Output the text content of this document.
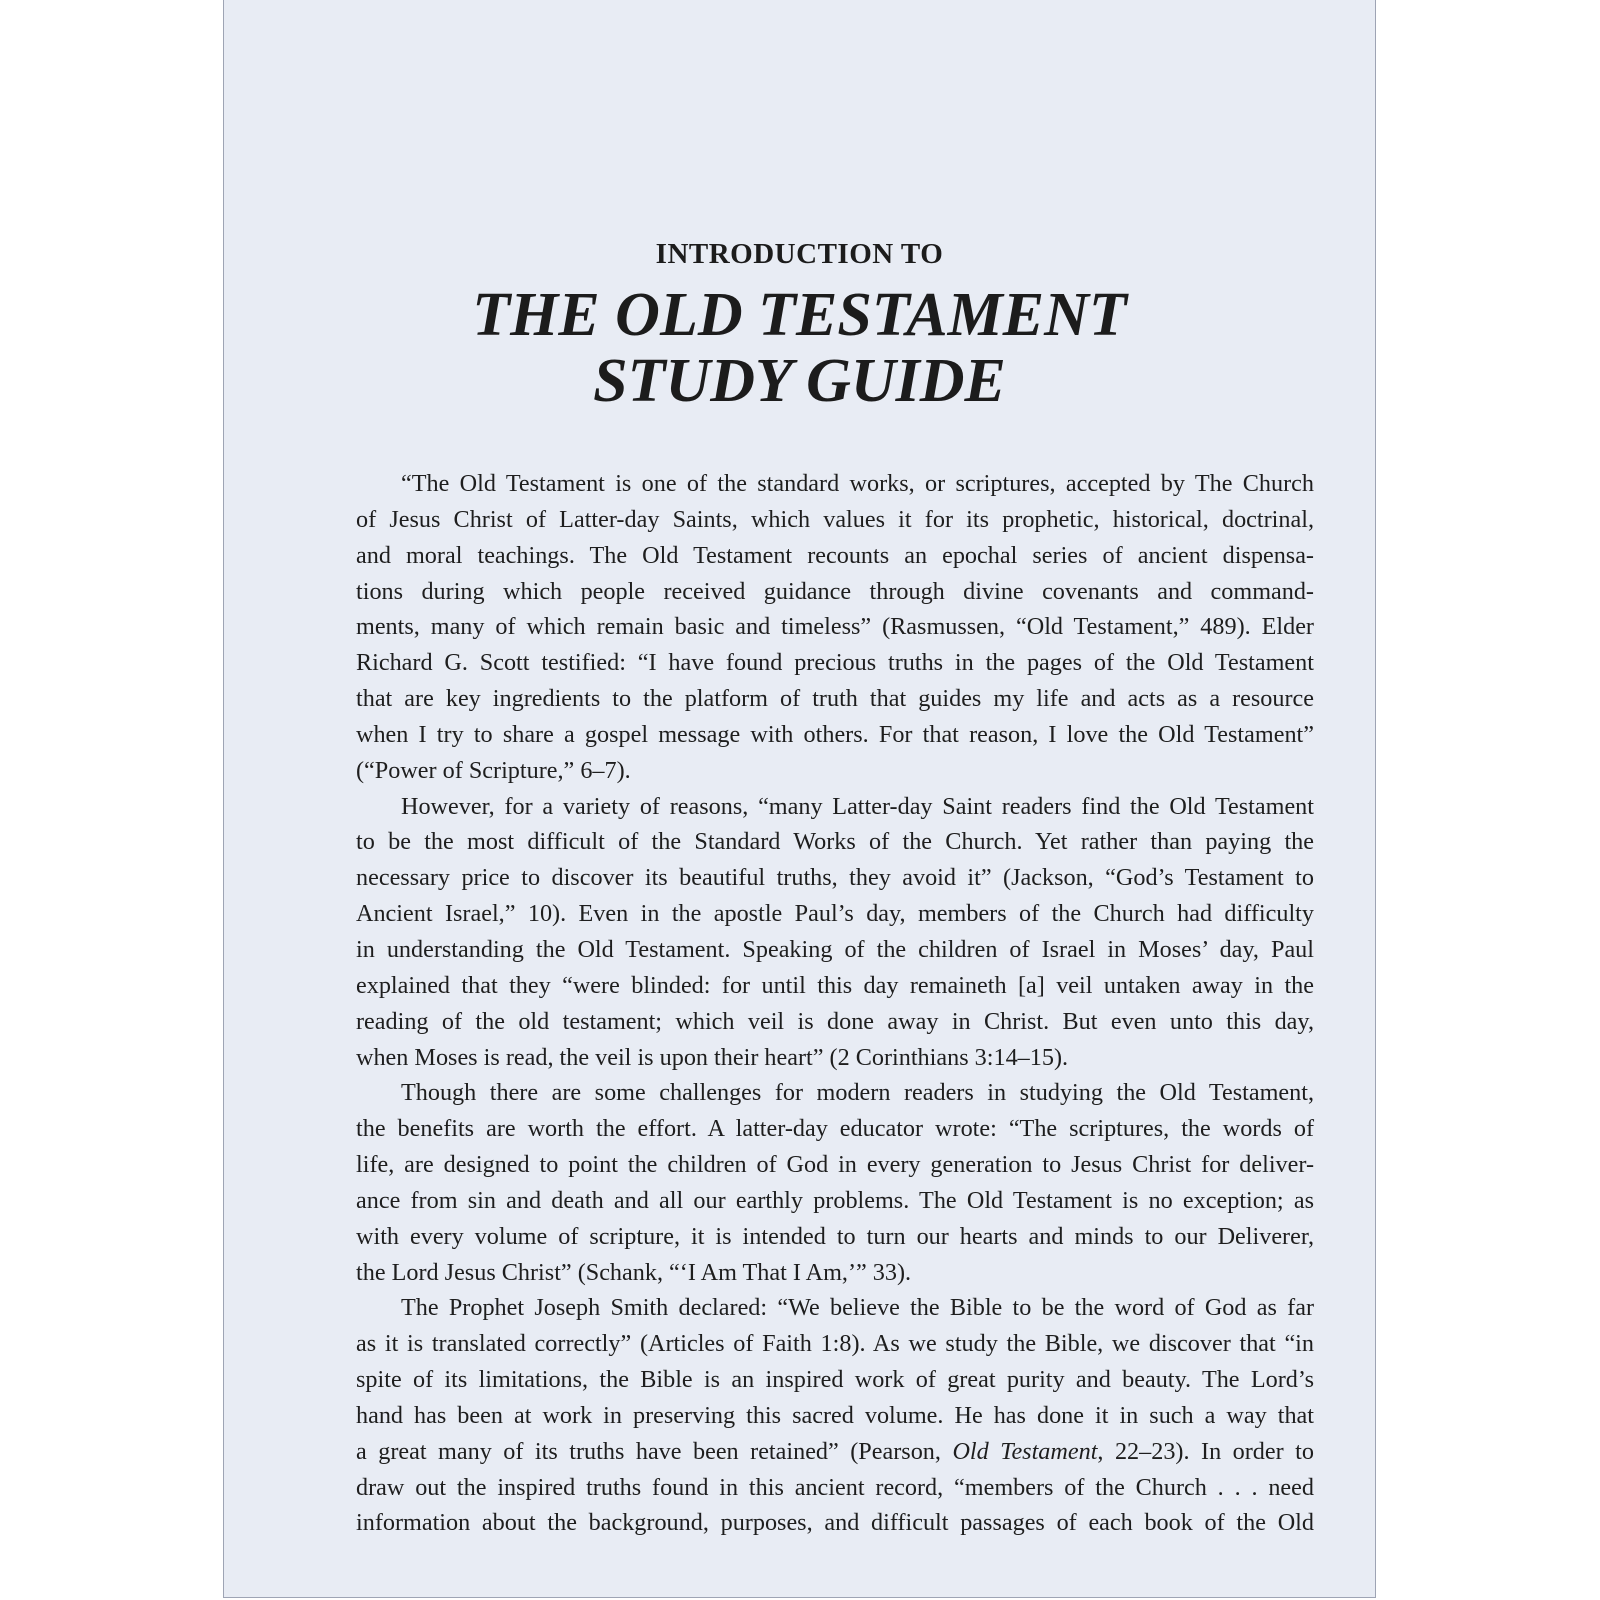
INTRODUCTION TO
THE OLD TESTAMENT
STUDY GUIDE
“The Old Testament is one of the standard works, or scriptures, accepted by The Church
of Jesus Christ of Latter-day Saints, which values it for its prophetic, historical, doctrinal,
and moral teachings. The Old Testament recounts an epochal series of ancient dispensa-
tions during which people received guidance through divine covenants and command-
ments, many of which remain basic and timeless” (Rasmussen, “Old Testament,” 489). Elder
Richard G. Scott testified: “I have found precious truths in the pages of the Old Testament
that are key ingredients to the platform of truth that guides my life and acts as a resource
when I try to share a gospel message with others. For that reason, I love the Old Testament”
(“Power of Scripture,” 6–7).
However, for a variety of reasons, “many Latter-day Saint readers find the Old Testament
to be the most difficult of the Standard Works of the Church. Yet rather than paying the
necessary price to discover its beautiful truths, they avoid it” (Jackson, “God’s Testament to
Ancient Israel,” 10). Even in the apostle Paul’s day, members of the Church had difficulty
in understanding the Old Testament. Speaking of the children of Israel in Moses’ day, Paul
explained that they “were blinded: for until this day remaineth [a] veil untaken away in the
reading of the old testament; which veil is done away in Christ. But even unto this day,
when Moses is read, the veil is upon their heart” (2 Corinthians 3:14–15).
Though there are some challenges for modern readers in studying the Old Testament,
the benefits are worth the effort. A latter-day educator wrote: “The scriptures, the words of
life, are designed to point the children of God in every generation to Jesus Christ for deliver-
ance from sin and death and all our earthly problems. The Old Testament is no exception; as
with every volume of scripture, it is intended to turn our hearts and minds to our Deliverer,
the Lord Jesus Christ” (Schank, “‘I Am That I Am,’” 33).
The Prophet Joseph Smith declared: “We believe the Bible to be the word of God as far
as it is translated correctly” (Articles of Faith 1:8). As we study the Bible, we discover that “in
spite of its limitations, the Bible is an inspired work of great purity and beauty. The Lord’s
hand has been at work in preserving this sacred volume. He has done it in such a way that
a great many of its truths have been retained” (Pearson, Old Testament, 22–23). In order to
draw out the inspired truths found in this ancient record, “members of the Church . . . need
information about the background, purposes, and difficult passages of each book of the Old
